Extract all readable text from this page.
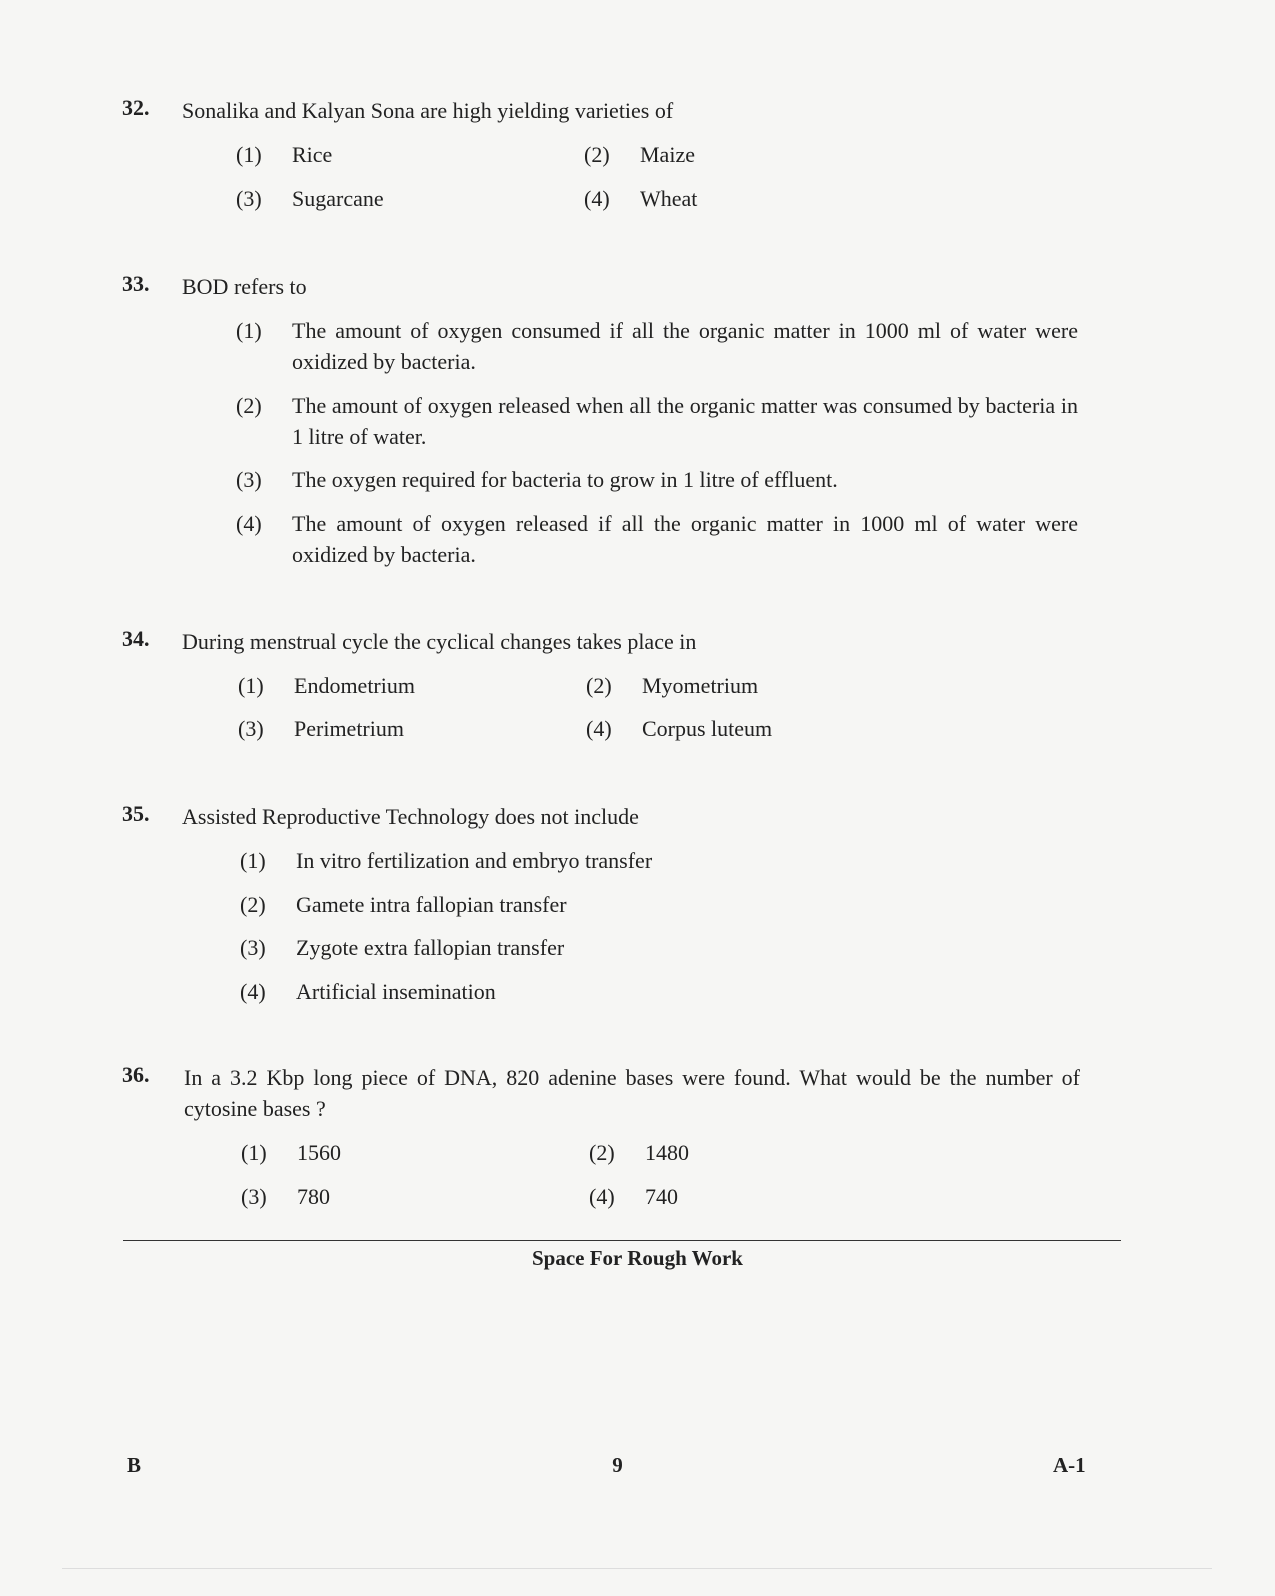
32. Sonalika and Kalyan Sona are high yielding varieties of
(1) Rice	(2) Maize
(3) Sugarcane	(4) Wheat
33. BOD refers to
(1) The amount of oxygen consumed if all the organic matter in 1000 ml of water were oxidized by bacteria.
(2) The amount of oxygen released when all the organic matter was consumed by bacteria in 1 litre of water.
(3) The oxygen required for bacteria to grow in 1 litre of effluent.
(4) The amount of oxygen released if all the organic matter in 1000 ml of water were oxidized by bacteria.
34. During menstrual cycle the cyclical changes takes place in
(1) Endometrium	(2) Myometrium
(3) Perimetrium	(4) Corpus luteum
35. Assisted Reproductive Technology does not include
(1) In vitro fertilization and embryo transfer
(2) Gamete intra fallopian transfer
(3) Zygote extra fallopian transfer
(4) Artificial insemination
36. In a 3.2 Kbp long piece of DNA, 820 adenine bases were found. What would be the number of cytosine bases ?
(1) 1560	(2) 1480
(3) 780	(4) 740
Space For Rough Work
B	9	A-1
